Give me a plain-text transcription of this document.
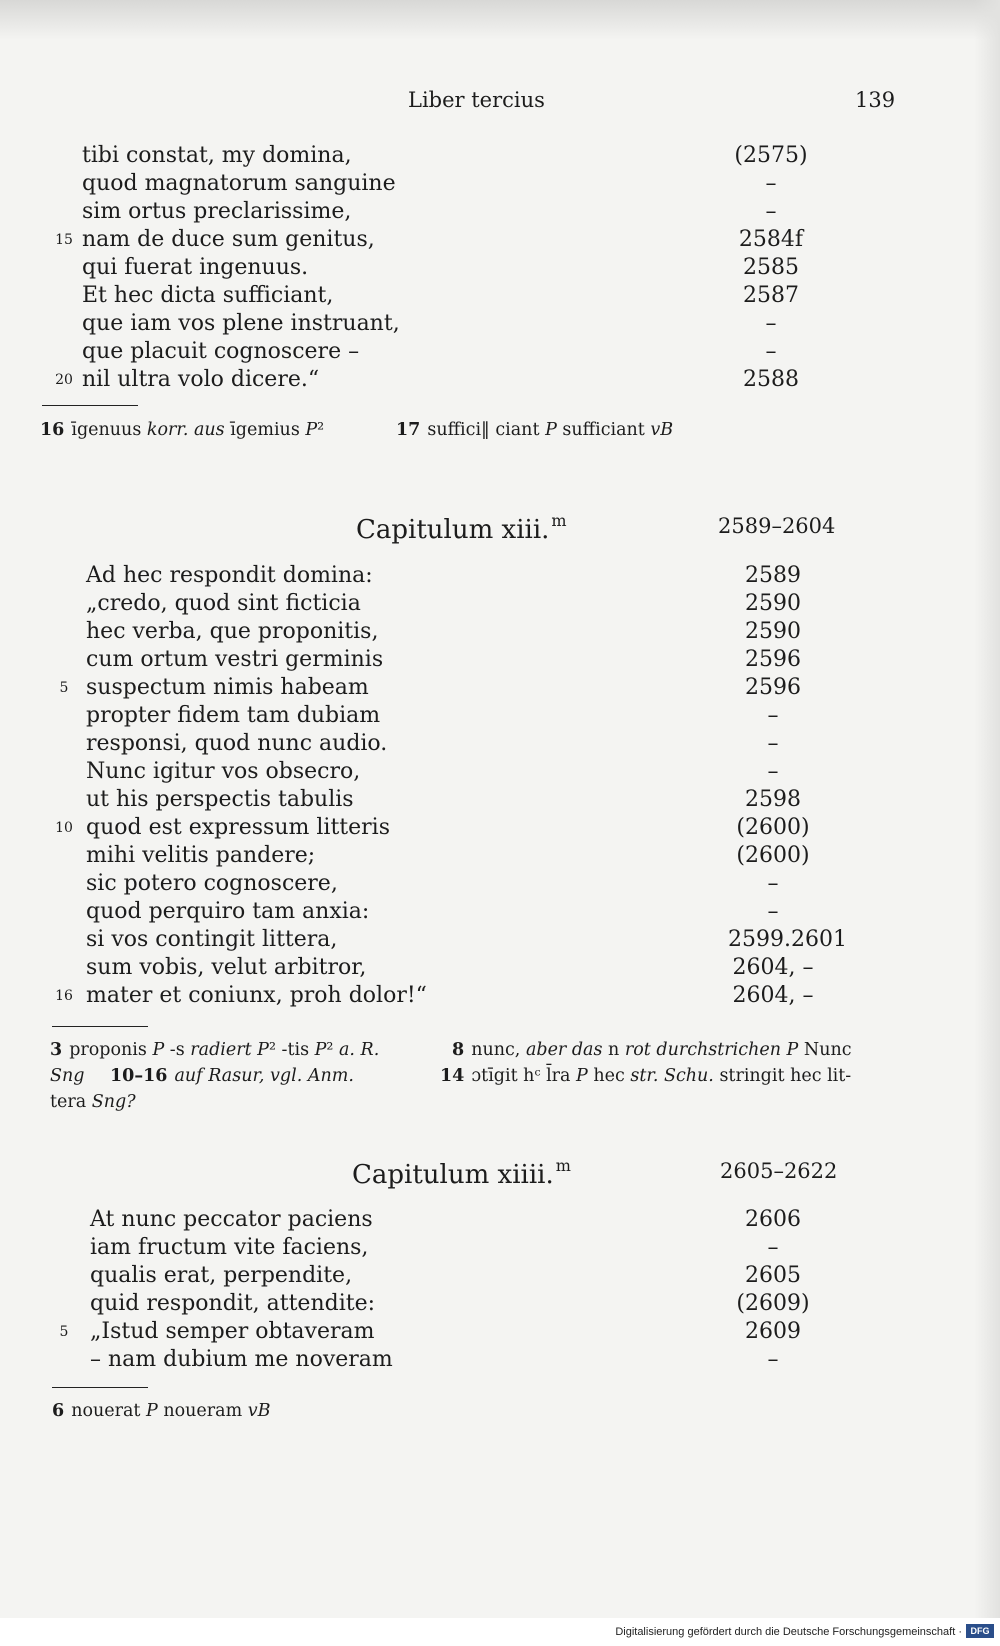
Liber tercius	139
tibi constat, my domina,	(2575)
quod magnatorum sanguine	–
sim ortus preclarissime,	–
15 nam de duce sum genitus,	2584f
qui fuerat ingenuus.	2585
Et hec dicta sufficiant,	2587
que iam vos plene instruant,	–
que placuit cognoscere –	–
20 nil ultra volo dicere.“	2588
16 īgenuus korr. aus īgemius P²	17 suffici‖ ciant P sufficiant vB
Capitulum xiii. $^m$	2589–2604
Ad hec respondit domina:	2589
„credo, quod sint ficticia	2590
hec verba, que proponitis,	2590
cum ortum vestri germinis	2596
5 suspectum nimis habeam	2596
propter fidem tam dubiam	–
responsi, quod nunc audio.	–
Nunc igitur vos obsecro,	–
ut his perspectis tabulis	2598
10 quod est expressum litteris	(2600)
mihi velitis pandere;	(2600)
sic potero cognoscere,	–
quod perquiro tam anxia:	–
si vos contingit littera,	2599.2601
sum vobis, velut arbitror,	2604, –
16 mater et coniunx, proh dolor!“	2604, –
3 proponis P -s radiert P² -tis P² a. R.
Sng 10–16 auf Rasur, vgl. Anm.
tera Sng?
8 nunc, aber das n rot durchstrichen P Nunc
14 ɔtīgit hᶜ l̄ra P hec str. Schu. stringit hec lit-
Capitulum xiiii. $^m$	2605–2622
At nunc peccator paciens	2606
iam fructum vite faciens,	–
qualis erat, perpendite,	2605
quid respondit, attendite:	(2609)
5 „Istud semper obtaveram	2609
– nam dubium me noveram	–
6 nouerat P noueram vB
Digitalisierung gefördert durch die Deutsche Forschungsgemeinschaft · DFG
